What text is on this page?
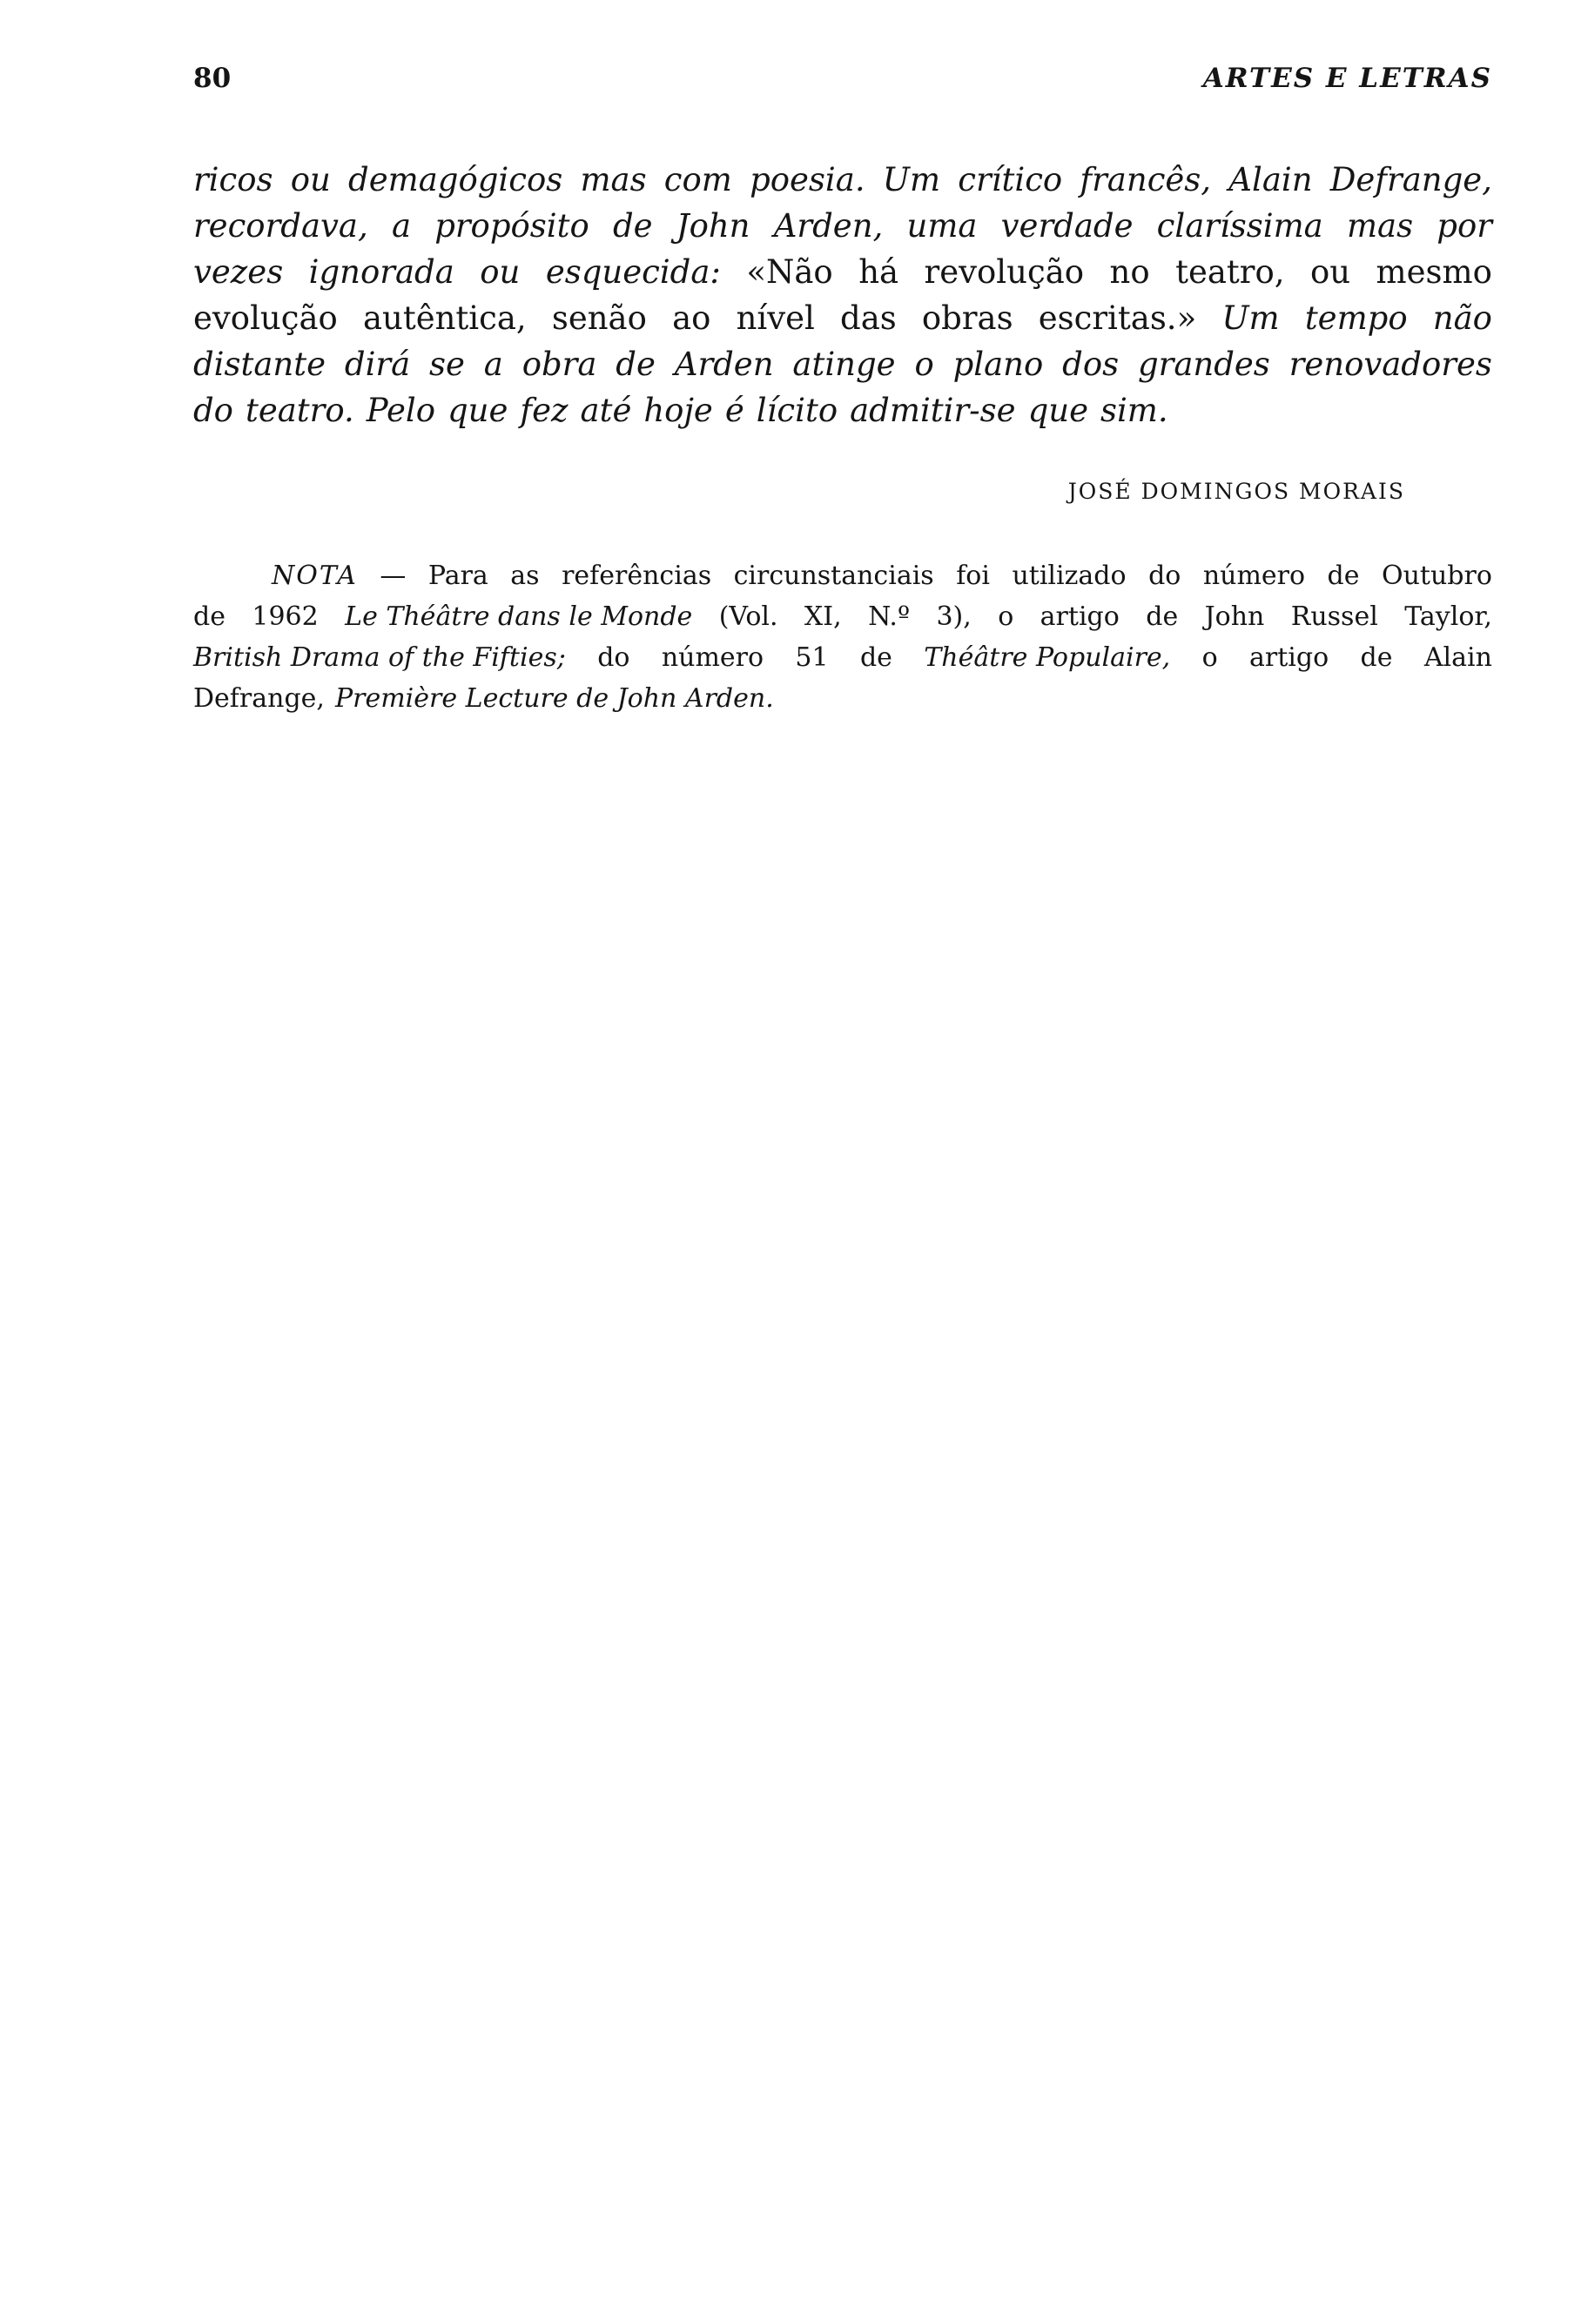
80	ARTES E LETRAS
ricos ou demagógicos mas com poesia. Um crítico francês, Alain Defrange,
recordava, a propósito de John Arden, uma verdade claríssima mas por
vezes ignorada ou esquecida: «Não há revolução no teatro, ou mesmo
evolução autêntica, senão ao nível das obras escritas.» Um tempo não
distante dirá se a obra de Arden atinge o plano dos grandes renovadores
do teatro. Pelo que fez até hoje é lícito admitir-se que sim.
JOSÉ DOMINGOS MORAIS
NOTA — Para as referências circunstanciais foi utilizado do número de Outubro
de 1962 Le Théâtre dans le Monde (Vol. XI, N.º 3), o artigo de John Russel Taylor,
British Drama of the Fifties; do número 51 de Théâtre Populaire, o artigo de Alain
Defrange, Première Lecture de John Arden.
